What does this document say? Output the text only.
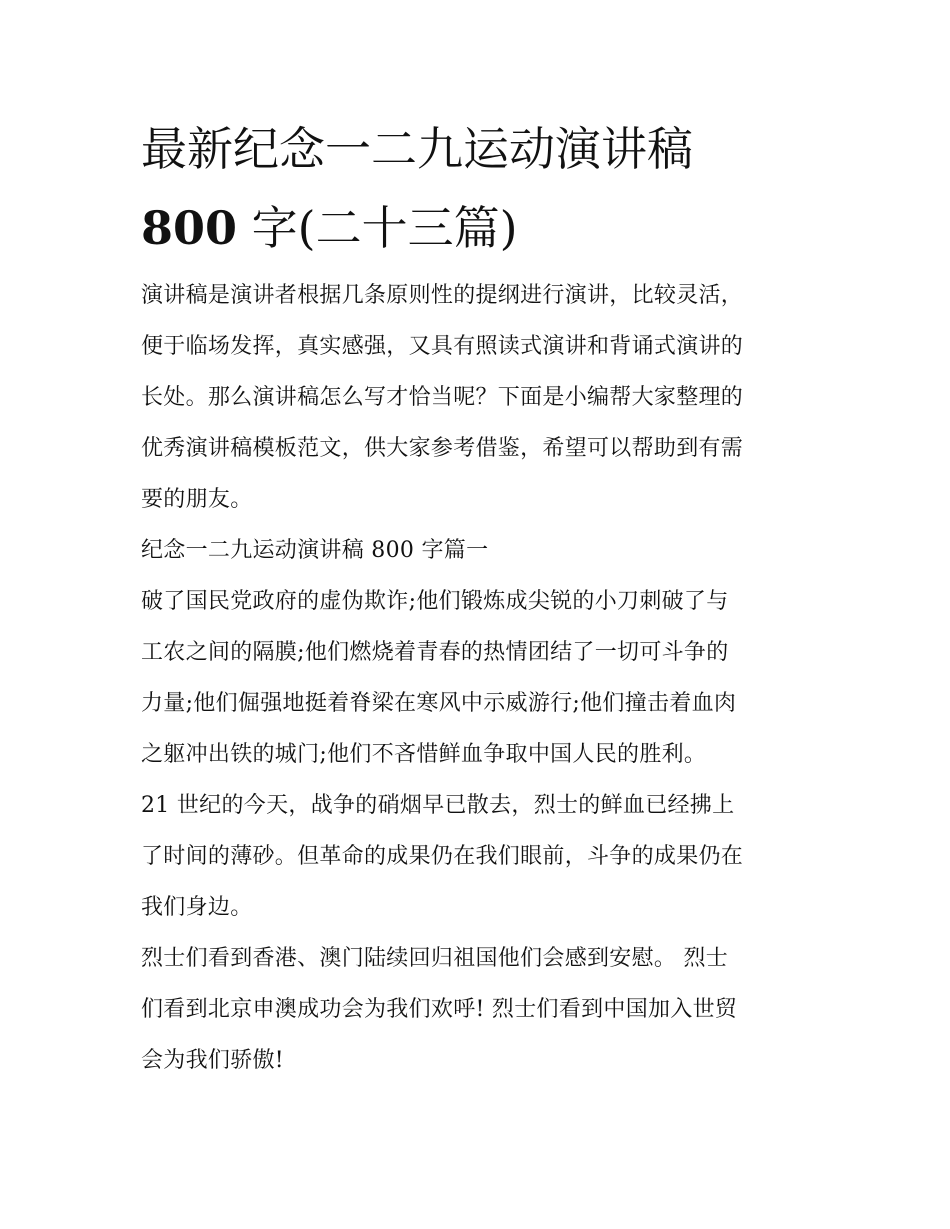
最新纪念一二九运动演讲稿
800 字(二十三篇)
演讲稿是演讲者根据几条原则性的提纲进行演讲，比较灵活，
便于临场发挥，真实感强，又具有照读式演讲和背诵式演讲的
长处。那么演讲稿怎么写才恰当呢？下面是小编帮大家整理的
优秀演讲稿模板范文，供大家参考借鉴，希望可以帮助到有需
要的朋友。
纪念一二九运动演讲稿 800 字篇一
破了国民党政府的虚伪欺诈;他们锻炼成尖锐的小刀刺破了与
工农之间的隔膜;他们燃烧着青春的热情团结了一切可斗争的
力量;他们倔强地挺着脊梁在寒风中示威游行;他们撞击着血肉
之躯冲出铁的城门;他们不吝惜鲜血争取中国人民的胜利。
21 世纪的今天，战争的硝烟早已散去，烈士的鲜血已经拂上
了时间的薄砂。但革命的成果仍在我们眼前，斗争的成果仍在
我们身边。
烈士们看到香港、澳门陆续回归祖国他们会感到安慰。 烈士
们看到北京申澳成功会为我们欢呼! 烈士们看到中国加入世贸
会为我们骄傲!
